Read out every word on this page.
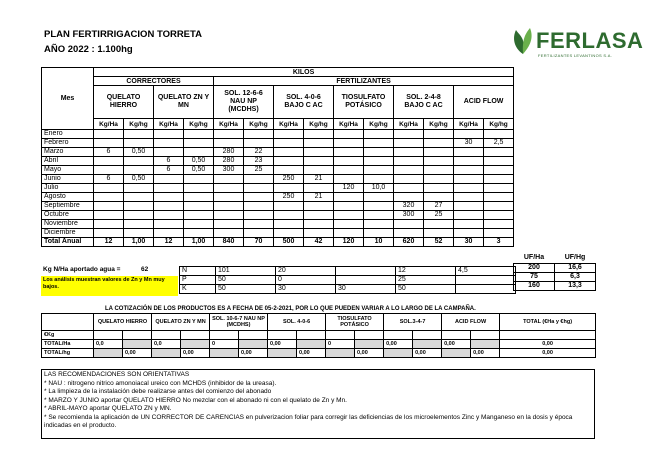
PLAN FERTIRRIGACION TORRETA
AÑO 2022 : 1.100hg	FERLASA
FERTILIZANTES LEVANTINOS S.A.
Mes	KILOS													
	CORRECTORES				FERTILIZANTES									
	QUELATO HIERRO		QUELATO ZN Y MN		SOL. 12-6-6 NAU NP (MCDHS)		SOL. 4-0-6 BAJO C AC		TIOSULFATO POTÁSICO		SOL. 2-4-8 BAJO C AC		ACID FLOW	
	Kg/Ha	Kg/hg	Kg/Ha	Kg/hg	Kg/Ha	Kg/hg	Kg/Ha	Kg/hg	Kg/Ha	Kg/hg	Kg/Ha	Kg/hg	Kg/Ha	Kg/hg
Enero														
Febrero													30	2,5
Marzo	6	0,50			280	22								
Abril			6	0,50	280	23								
Mayo			6	0,50	300	25								
Junio	6	0,50					250	21						
Julio									120	10,0				
Agosto							250	21						
Septiembre											320	27		
Octubre											300	25		
Noviembre														
Diciembre														
Total Anual	12	1,00	12	1,00	840	70	500	42	120	10	620	52	30	3
UF/Ha	UF/Hg
200	16,6
75	6,3
160	13,3
Kg N/Ha aportado agua =	62
Los análisis muestran valores de Zn y Mn muy bajos.
N	101	20		12	4,5
P	50	0		25	
K	50	30	30	50	
LA COTIZACIÓN DE LOS PRODUCTOS ES A FECHA DE 05-2-2021, POR LO QUE PUEDEN VARIAR A LO LARGO DE LA CAMPAÑA.
	QUELATO HIERRO		QUELATO ZN Y MN		SOL. 10-6-7 NAU NP (MCDHS)		SOL. 4-0-6		TIOSULFATO POTÁSICO		SOL.3-4-7		ACID FLOW		TOTAL (€Ha y €hg)
€Kg															
TOTAL/Ha	0,0		0,0		0		0,00		0		0,00		0,00		0,00
TOTAL/hg		0,00		0,00		0,00		0,00		0,00		0,00		0,00	0,00
LAS RECOMENDACIONES SON ORIENTATIVAS
* NAU : nitrogeno nitrico amonoiacal ureico con MCHDS (inhibidor de la ureasa).
* La limpieza de la instalación debe realizarse antes del comienzo del abonado
* MARZO Y JUNIO aportar QUELATO HIERRO No mezclar con el abonado ni con el quelato de Zn y Mn.
* ABRIL-MAYO aportar QUELATO ZN y MN.
* Se recomienda la aplicación de UN CORRECTOR DE CARENCIAS en pulverizacion foliar para corregir las deficiencias de los microelementos Zinc y Manganeso en la dosis y época indicadas en el producto.
